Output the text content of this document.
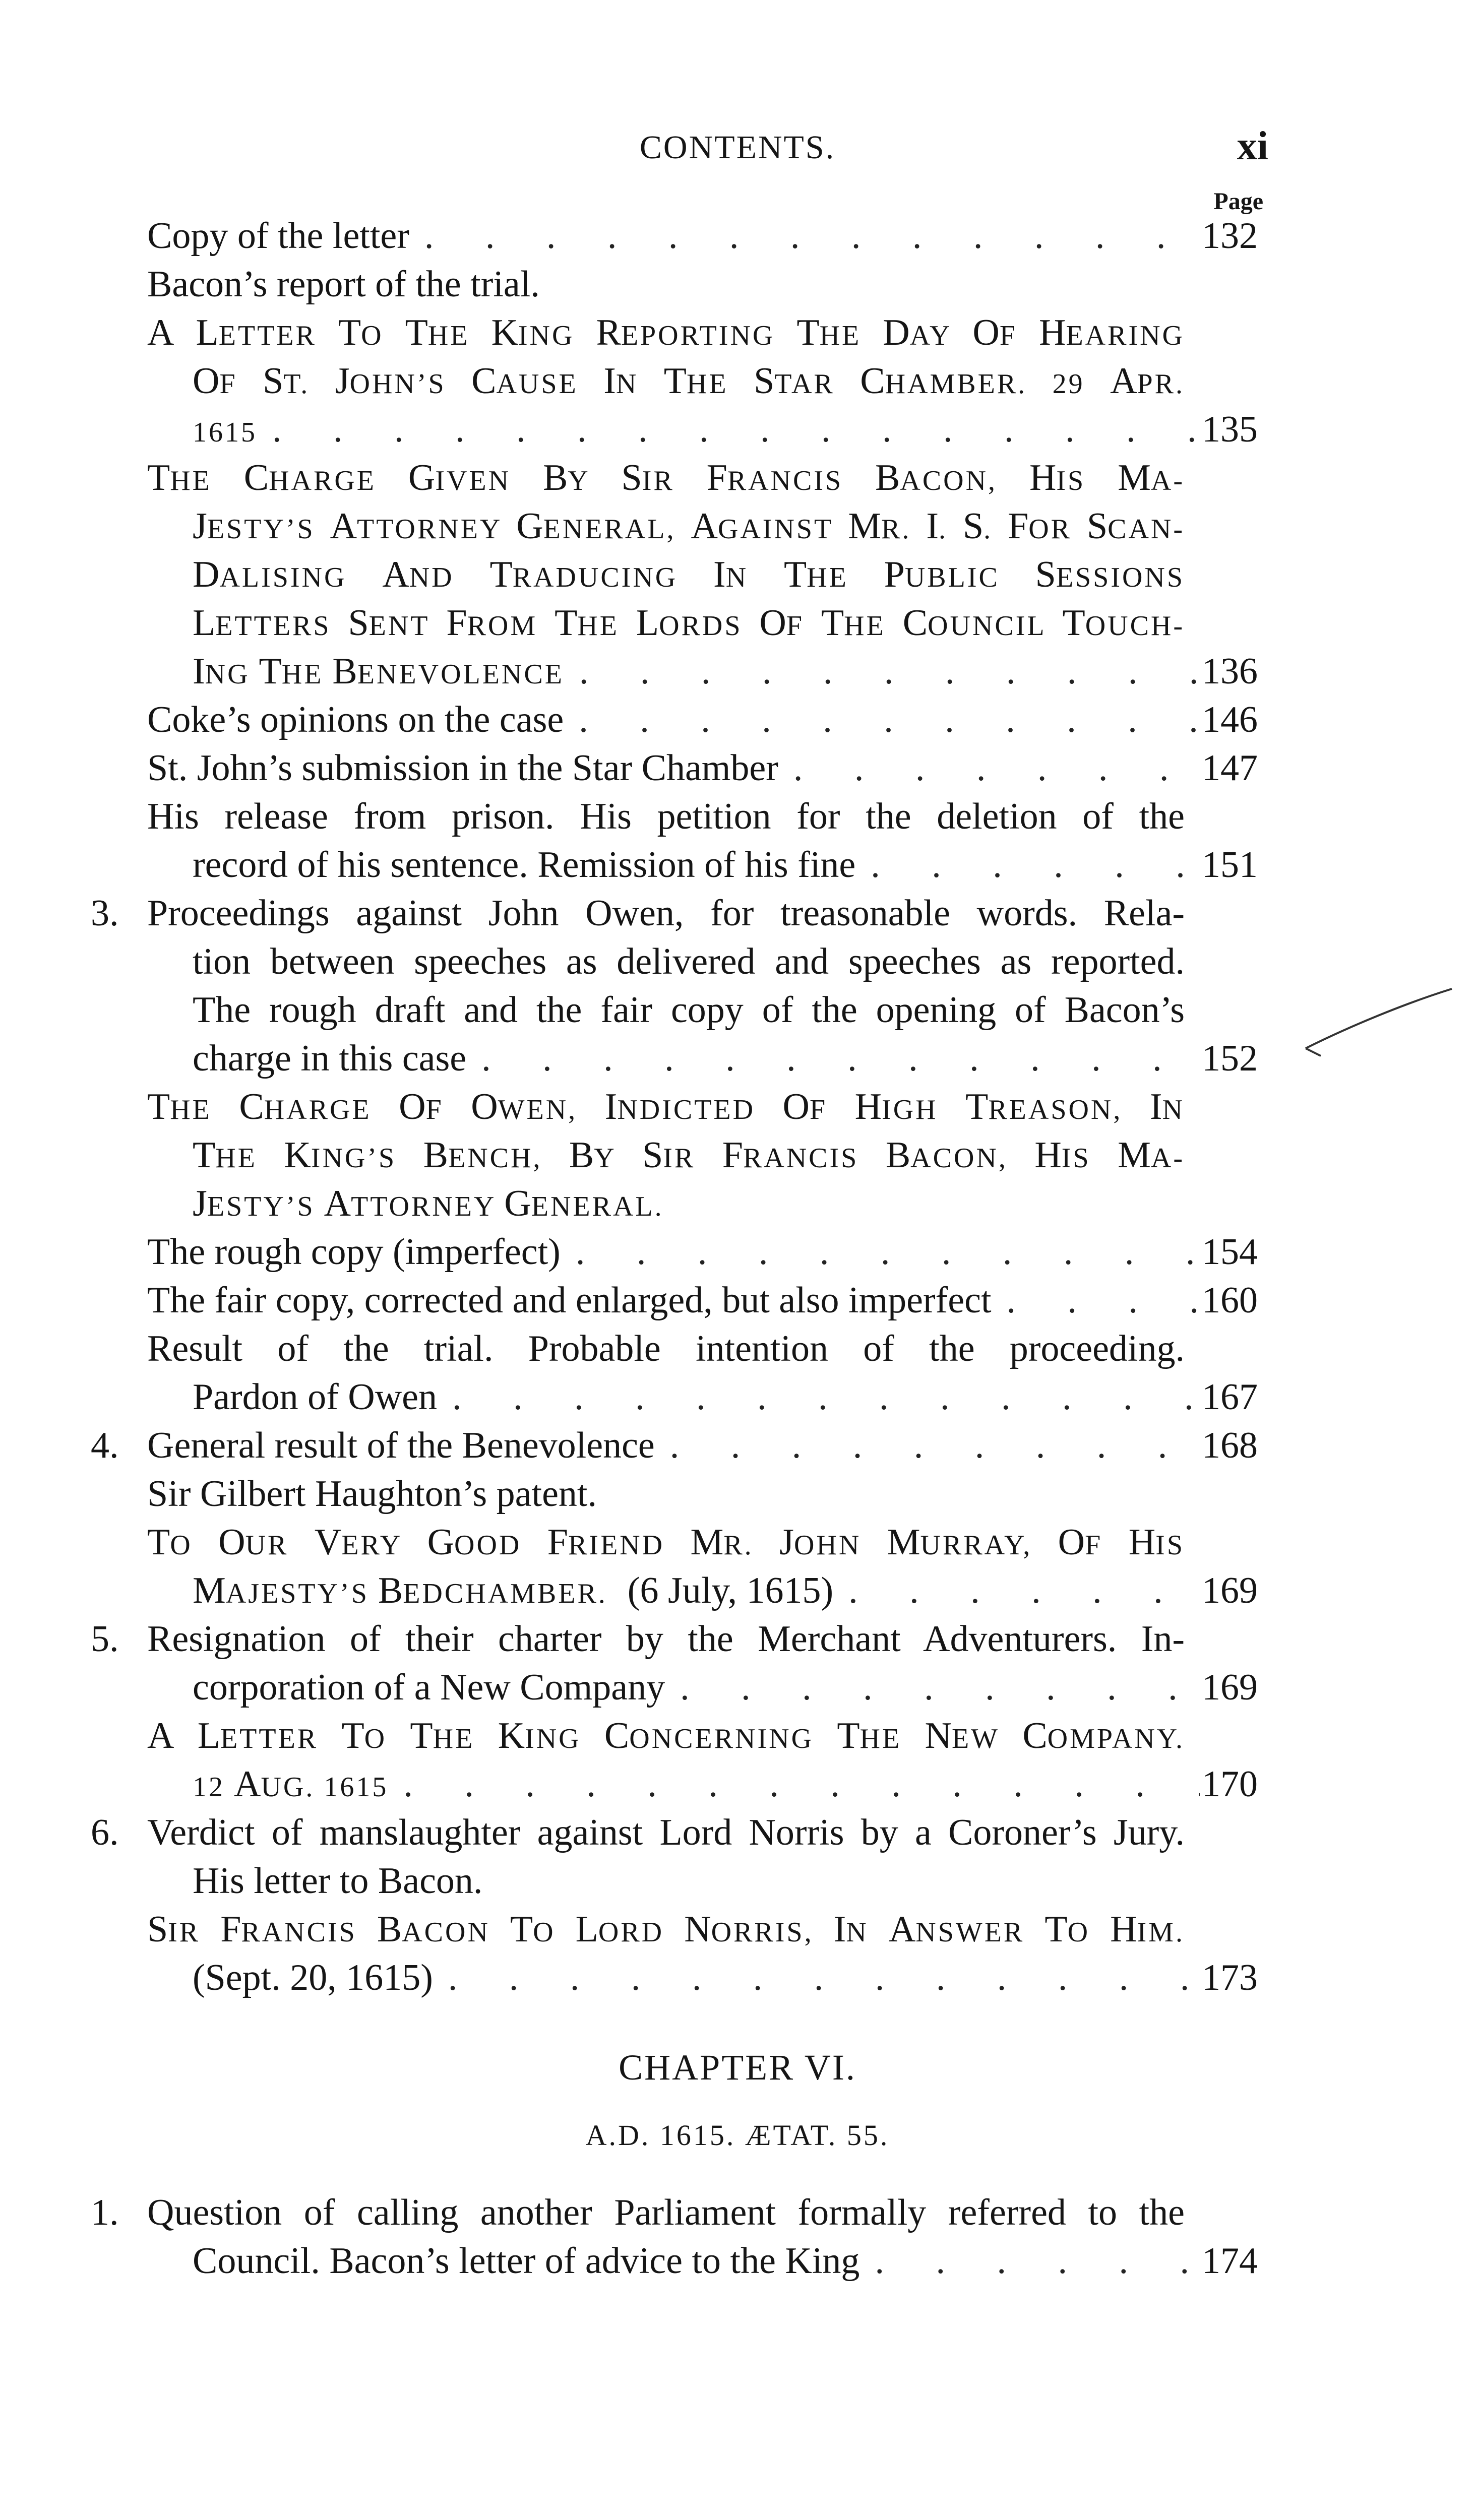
CONTENTS.	xi
Page
Copy of the letter . . .	132
Bacon’s report of the trial.
A LETTER TO THE KING REPORTING THE DAY OF HEARING
OF ST. JOHN’S CAUSE IN THE STAR CHAMBER. 29 APR.
1615 . . .	135
THE CHARGE GIVEN BY SIR FRANCIS BACON, HIS MA-
JESTY’S ATTORNEY GENERAL, AGAINST MR. I. S. FOR SCAN-
DALISING AND TRADUCING IN THE PUBLIC SESSIONS
LETTERS SENT FROM THE LORDS OF THE COUNCIL TOUCH-
ING THE BENEVOLENCE . . .	136
Coke’s opinions on the case . . .	146
St. John’s submission in the Star Chamber . . .	147
His release from prison. His petition for the deletion of the
record of his sentence. Remission of his fine . . .	151
3. Proceedings against John Owen, for treasonable words. Rela-
tion between speeches as delivered and speeches as reported.
The rough draft and the fair copy of the opening of Bacon’s
charge in this case . . .	152
THE CHARGE OF OWEN, INDICTED OF HIGH TREASON, IN
THE KING’S BENCH, BY SIR FRANCIS BACON, HIS MA-
JESTY’S ATTORNEY GENERAL.
The rough copy (imperfect) . . .	154
The fair copy, corrected and enlarged, but also imperfect . . .	160
Result of the trial. Probable intention of the proceeding.
Pardon of Owen . . .	167
4. General result of the Benevolence . . .	168
Sir Gilbert Haughton’s patent.
TO OUR VERY GOOD FRIEND MR. JOHN MURRAY, OF HIS
MAJESTY’S BEDCHAMBER. (6 July, 1615) . . .	169
5. Resignation of their charter by the Merchant Adventurers. In-
corporation of a New Company . . .	169
A LETTER TO THE KING CONCERNING THE NEW COMPANY.
12 AUG. 1615 . . .	170
6. Verdict of manslaughter against Lord Norris by a Coroner’s Jury.
His letter to Bacon.
SIR FRANCIS BACON TO LORD NORRIS, IN ANSWER TO HIM.
(Sept. 20, 1615) . . .	173
CHAPTER VI.
A.D. 1615. ÆTAT. 55.
1. Question of calling another Parliament formally referred to the
Council. Bacon’s letter of advice to the King . . .	174
